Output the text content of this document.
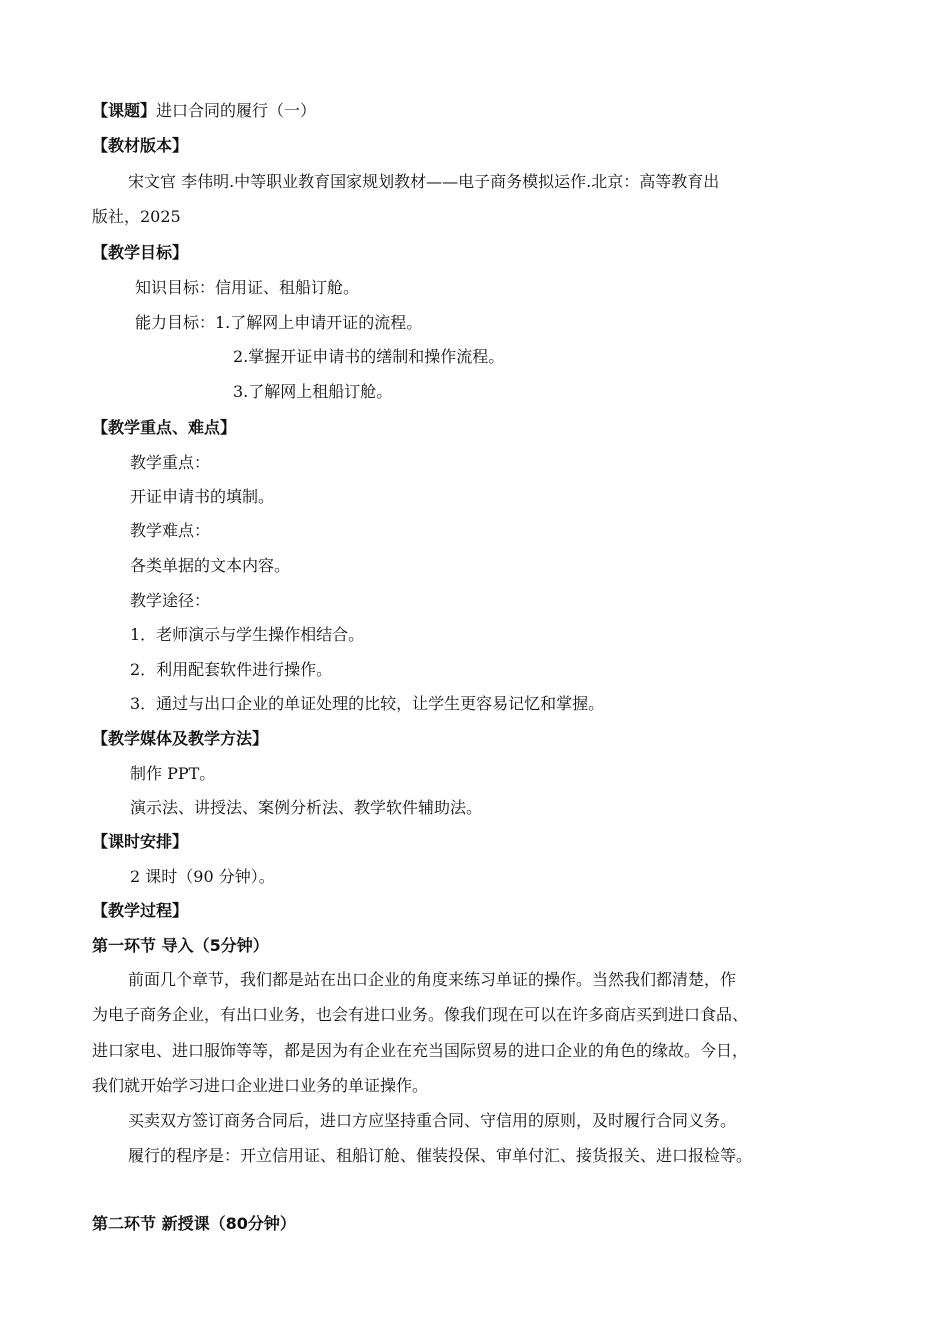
【课题】进口合同的履行（一）
【教材版本】
宋文官 李伟明.中等职业教育国家规划教材——电子商务模拟运作.北京：高等教育出
版社，2025
【教学目标】
知识目标：信用证、租船订舱。
能力目标：1.了解网上申请开证的流程。
2.掌握开证申请书的缮制和操作流程。
3.了解网上租船订舱。
【教学重点、难点】
教学重点：
开证申请书的填制。
教学难点：
各类单据的文本内容。
教学途径：
1．老师演示与学生操作相结合。
2．利用配套软件进行操作。
3．通过与出口企业的单证处理的比较，让学生更容易记忆和掌握。
【教学媒体及教学方法】
制作 PPT。
演示法、讲授法、案例分析法、教学软件辅助法。
【课时安排】
2 课时（90 分钟）。
【教学过程】
第一环节 导入（5分钟）
前面几个章节，我们都是站在出口企业的角度来练习单证的操作。当然我们都清楚，作
为电子商务企业，有出口业务，也会有进口业务。像我们现在可以在许多商店买到进口食品、
进口家电、进口服饰等等，都是因为有企业在充当国际贸易的进口企业的角色的缘故。今日，
我们就开始学习进口企业进口业务的单证操作。
买卖双方签订商务合同后，进口方应坚持重合同、守信用的原则，及时履行合同义务。
履行的程序是：开立信用证、租船订舱、催装投保、审单付汇、接货报关、进口报检等。
第二环节 新授课（80分钟）
